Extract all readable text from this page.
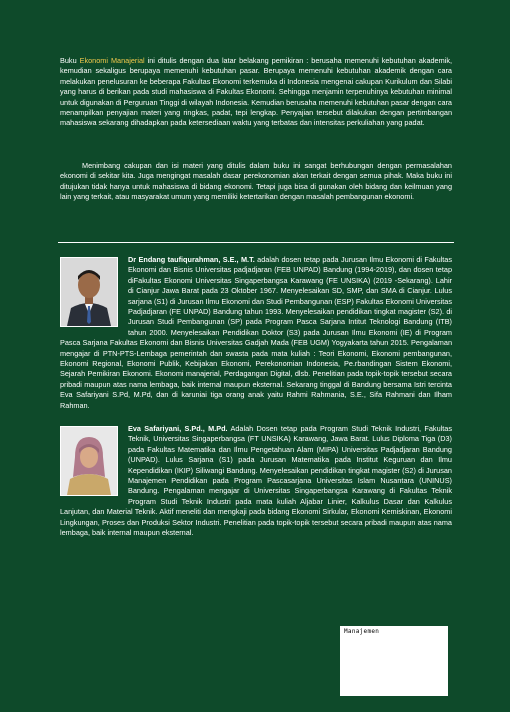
Buku Ekonomi Manajerial ini ditulis dengan dua latar belakang pemikiran : berusaha memenuhi kebutuhan akademik, kemudian sekaligus berupaya memenuhi kebutuhan pasar. Berupaya memenuhi kebutuhan akademik dengan cara melakukan penelusuran ke beberapa Fakultas Ekonomi terkemuka di Indonesia mengenai cakupan Kurikulum dan Silabi yang harus di berikan pada studi mahasiswa di Fakultas Ekonomi. Sehingga menjamin terpenuhinya kebutuhan minimal untuk digunakan di Perguruan Tinggi di wilayah Indonesia. Kemudian berusaha memenuhi kebutuhan pasar dengan cara menampilkan penyajian materi yang ringkas, padat, tepi lengkap. Penyajian tersebut dilakukan dengan pertimbangan mahasiswa sekarang dihadapkan pada ketersediaan waktu yang terbatas dan intensitas perkuliahan yang padat.

Menimbang cakupan dan isi materi yang ditulis dalam buku ini sangat berhubungan dengan permasalahan ekonomi di sekitar kita. Juga mengingat masalah dasar perekonomian akan terkait dengan semua pihak. Maka buku ini ditujukan tidak hanya untuk mahasiswa di bidang ekonomi. Tetapi juga bisa di gunakan oleh bidang dan keilmuan yang lain yang terkait, atau masyarakat umum yang memiliki ketertarikan dengan masalah pembangunan ekonomi.

Dr Endang taufiqurahman, S.E., M.T. adalah dosen tetap pada Jurusan Ilmu Ekonomi di Fakultas Ekonomi dan Bisnis Universitas padjadjaran (FEB UNPAD) Bandung (1994-2019), dan dosen tetap diFakultas Ekonomi Universitas Singaperbangsa Karawang (FE UNSIKA) (2019 -Sekarang). Lahir di Cianjur Jawa Barat pada 23 Oktober 1967. Menyelesaikan SD, SMP, dan SMA di Cianjur. Lulus sarjana (S1) di Jurusan Ilmu Ekonomi dan Studi Pembangunan (ESP) Fakultas Ekonomi Universitas Padjadjaran (FE UNPAD) Bandung tahun 1993. Menyelesaikan pendidikan tingkat magister (S2). di Jurusan Studi Pembangunan (SP) pada Program Pasca Sarjana Intitut Teknologi Bandung (ITB) tahun 2000. Menyelesaikan Pendidikan Doktor (S3) pada Jurusan Ilmu Ekonomi (IE) di Program Pasca Sarjana Fakultas Ekonomi dan Bisnis Universitas Gadjah Mada (FEB UGM) Yogyakarta tahun 2015. Pengalaman mengajar di PTN-PTS-Lembaga pemerintah dan swasta pada mata kuliah : Teori Ekonomi, Ekonomi pembangunan, Ekonomi Regional, Ekonomi Publik, Kebijakan Ekonomi, Perekonomian Indonesia, Pe.rbandingan Sistem Ekonomi, Sejarah Pemikiran Ekonomi. Ekonomi manajerial, Perdagangan Digital, dlsb. Penelitian pada topik-topik tersebut secara pribadi maupun atas nama lembaga, baik internal maupun eksternal. Sekarang tinggal di Bandung bersama Istri tercinta Eva Safariyani S.Pd, M.Pd, dan di karuniai tiga orang anak yaitu Rahmi Rahmania, S.E., Sifa Rahmani dan Ilham Rahman.
Eva Safariyani, S.Pd., M.Pd. Adalah Dosen tetap pada Program Studi Teknik Industri, Fakultas Teknik, Universitas Singaperbangsa (FT UNSIKA) Karawang, Jawa Barat. Lulus Diploma Tiga (D3) pada Fakultas Matematika dan Ilmu Pengetahuan Alam (MIPA) Universitas Padjadjaran Bandung (UNPAD). Lulus Sarjana (S1) pada Jurusan Matematika pada Institut Keguruan dan Ilmu Kependidikan (IKIP) Siliwangi Bandung. Menyelesaikan pendidikan tingkat magister (S2) di Jurusan Manajemen Pendidikan pada Program Pascasarjana Universitas Islam Nusantara (UNINUS) Bandung. Pengalaman mengajar di Universitas Singaperbangsa Karawang di Fakultas Teknik Program Studi Teknik Industri pada mata kuliah Aljabar Linier, Kalkulus Dasar dan Kalkulus Lanjutan, dan Material Teknik. Aktif meneliti dan mengkaji pada bidang Ekonomi Sirkular, Ekonomi Kemiskinan, Ekonomi Lingkungan, Proses dan Produksi Sektor Industri. Penelitian pada topik-topik tersebut secara pribadi maupun atas nama lembaga, baik internal maupun eksternal.
Manajemen
